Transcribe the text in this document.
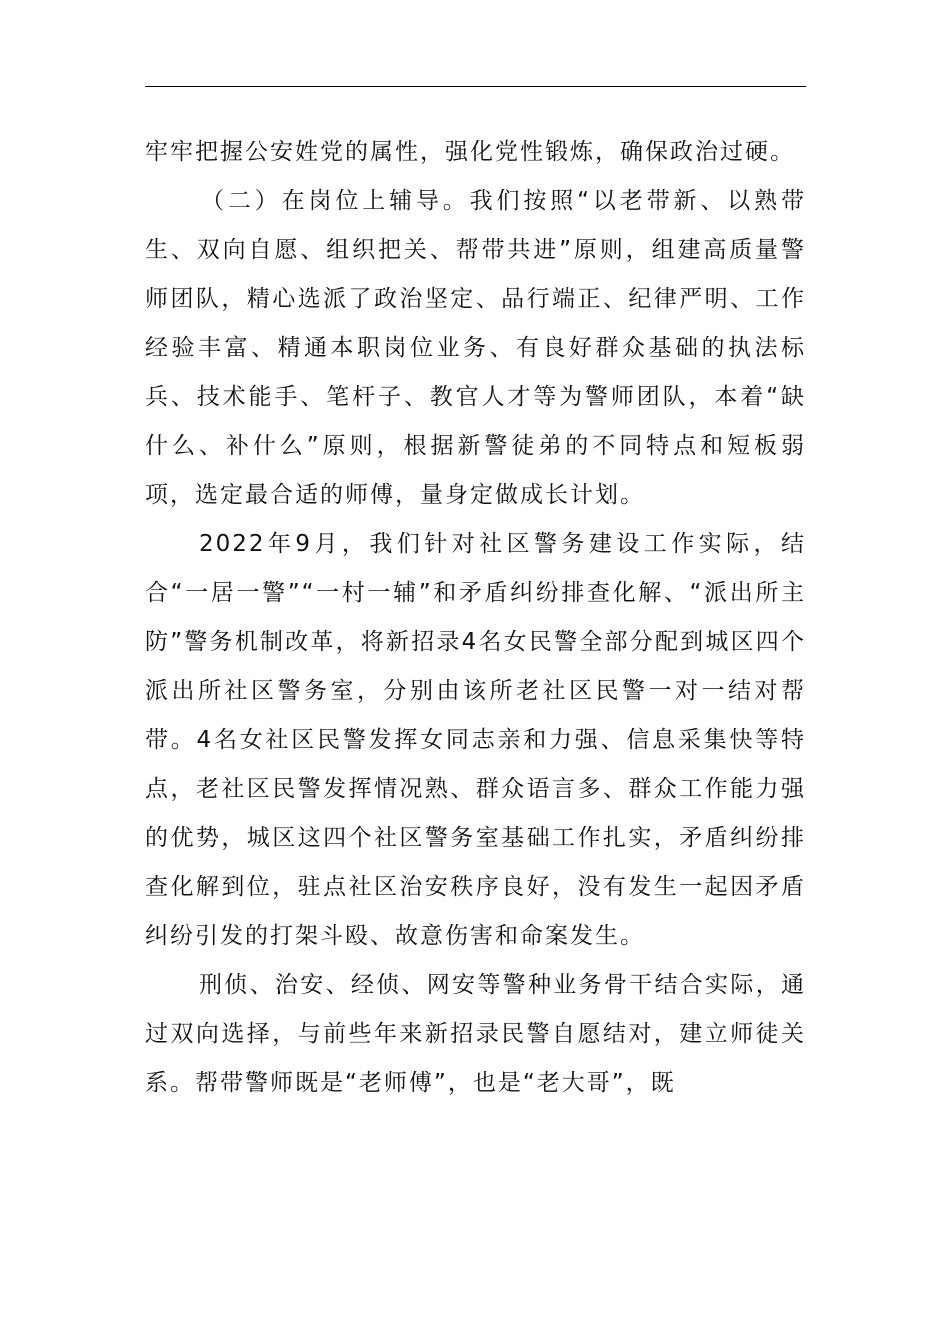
牢牢把握公安姓党的属性，强化党性锻炼，确保政治过硬。

（二）在岗位上辅导。我们按照“以老带新、以熟带生、双向自愿、组织把关、帮带共进”原则，组建高质量警师团队，精心选派了政治坚定、品行端正、纪律严明、工作经验丰富、精通本职岗位业务、有良好群众基础的执法标兵、技术能手、笔杆子、教官人才等为警师团队，本着“缺什么、补什么”原则，根据新警徒弟的不同特点和短板弱项，选定最合适的师傅，量身定做成长计划。

2022年9月，我们针对社区警务建设工作实际，结合“一居一警”“一村一辅”和矛盾纠纷排查化解、“派出所主防”警务机制改革，将新招录4名女民警全部分配到城区四个派出所社区警务室，分别由该所老社区民警一对一结对帮带。4名女社区民警发挥女同志亲和力强、信息采集快等特点，老社区民警发挥情况熟、群众语言多、群众工作能力强的优势，城区这四个社区警务室基础工作扎实，矛盾纠纷排查化解到位，驻点社区治安秩序良好，没有发生一起因矛盾纠纷引发的打架斗殴、故意伤害和命案发生。

刑侦、治安、经侦、网安等警种业务骨干结合实际，通过双向选择，与前些年来新招录民警自愿结对，建立师徒关系。帮带警师既是“老师傅”，也是“老大哥”，既
